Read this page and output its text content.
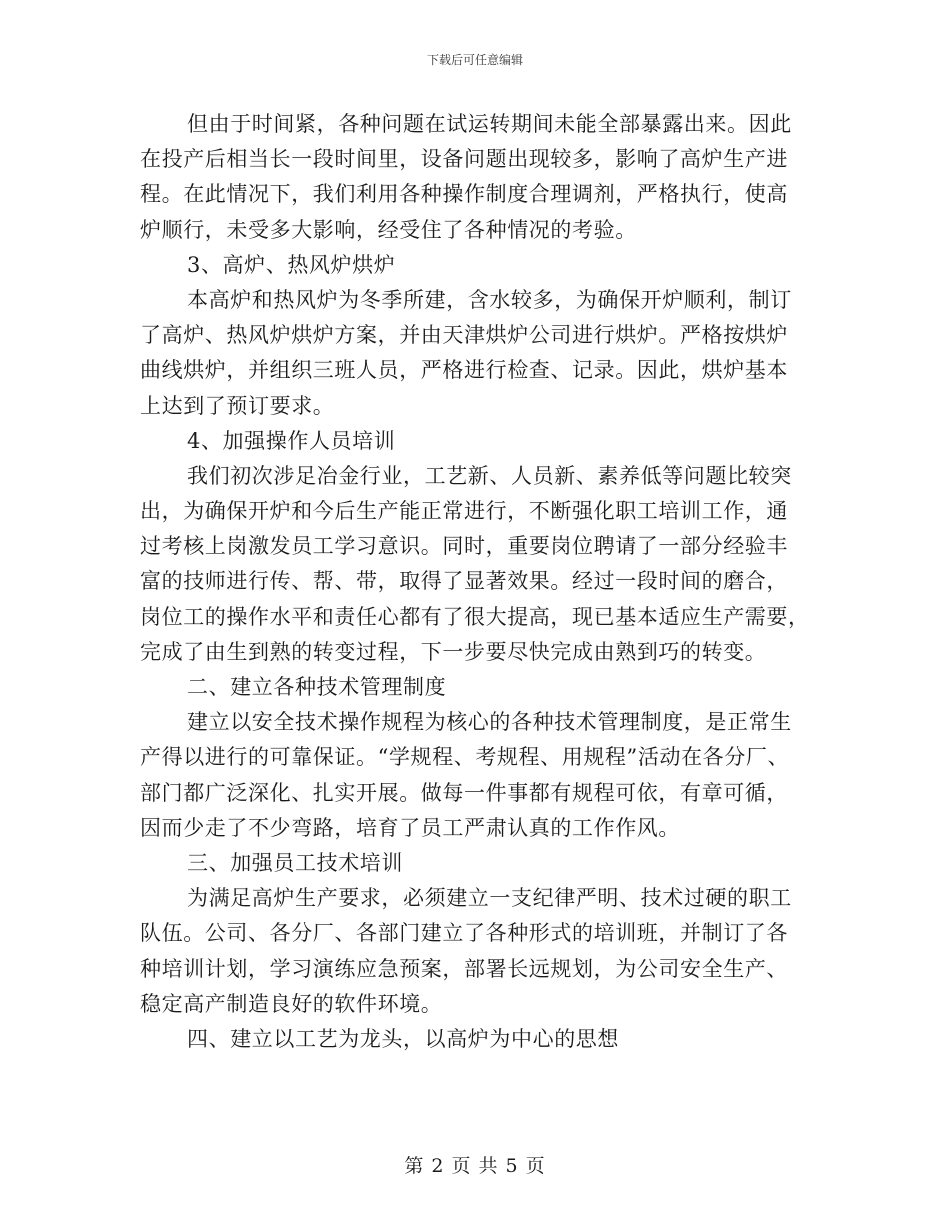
下载后可任意编辑
但由于时间紧，各种问题在试运转期间未能全部暴露出来。因此
在投产后相当长一段时间里，设备问题出现较多，影响了高炉生产进
程。在此情况下，我们利用各种操作制度合理调剂，严格执行，使高
炉顺行，未受多大影响，经受住了各种情况的考验。
3、高炉、热风炉烘炉
本高炉和热风炉为冬季所建，含水较多，为确保开炉顺利，制订
了高炉、热风炉烘炉方案，并由天津烘炉公司进行烘炉。严格按烘炉
曲线烘炉，并组织三班人员，严格进行检查、记录。因此，烘炉基本
上达到了预订要求。
4、加强操作人员培训
我们初次涉足冶金行业，工艺新、人员新、素养低等问题比较突
出，为确保开炉和今后生产能正常进行，不断强化职工培训工作，通
过考核上岗激发员工学习意识。同时，重要岗位聘请了一部分经验丰
富的技师进行传、帮、带，取得了显著效果。经过一段时间的磨合，
岗位工的操作水平和责任心都有了很大提高，现已基本适应生产需要，
完成了由生到熟的转变过程，下一步要尽快完成由熟到巧的转变。
二、建立各种技术管理制度
建立以安全技术操作规程为核心的各种技术管理制度，是正常生
产得以进行的可靠保证。“学规程、考规程、用规程”活动在各分厂、
部门都广泛深化、扎实开展。做每一件事都有规程可依，有章可循，
因而少走了不少弯路，培育了员工严肃认真的工作作风。
三、加强员工技术培训
为满足高炉生产要求，必须建立一支纪律严明、技术过硬的职工
队伍。公司、各分厂、各部门建立了各种形式的培训班，并制订了各
种培训计划，学习演练应急预案，部署长远规划，为公司安全生产、
稳定高产制造良好的软件环境。
四、建立以工艺为龙头，以高炉为中心的思想
第 2 页 共 5 页
